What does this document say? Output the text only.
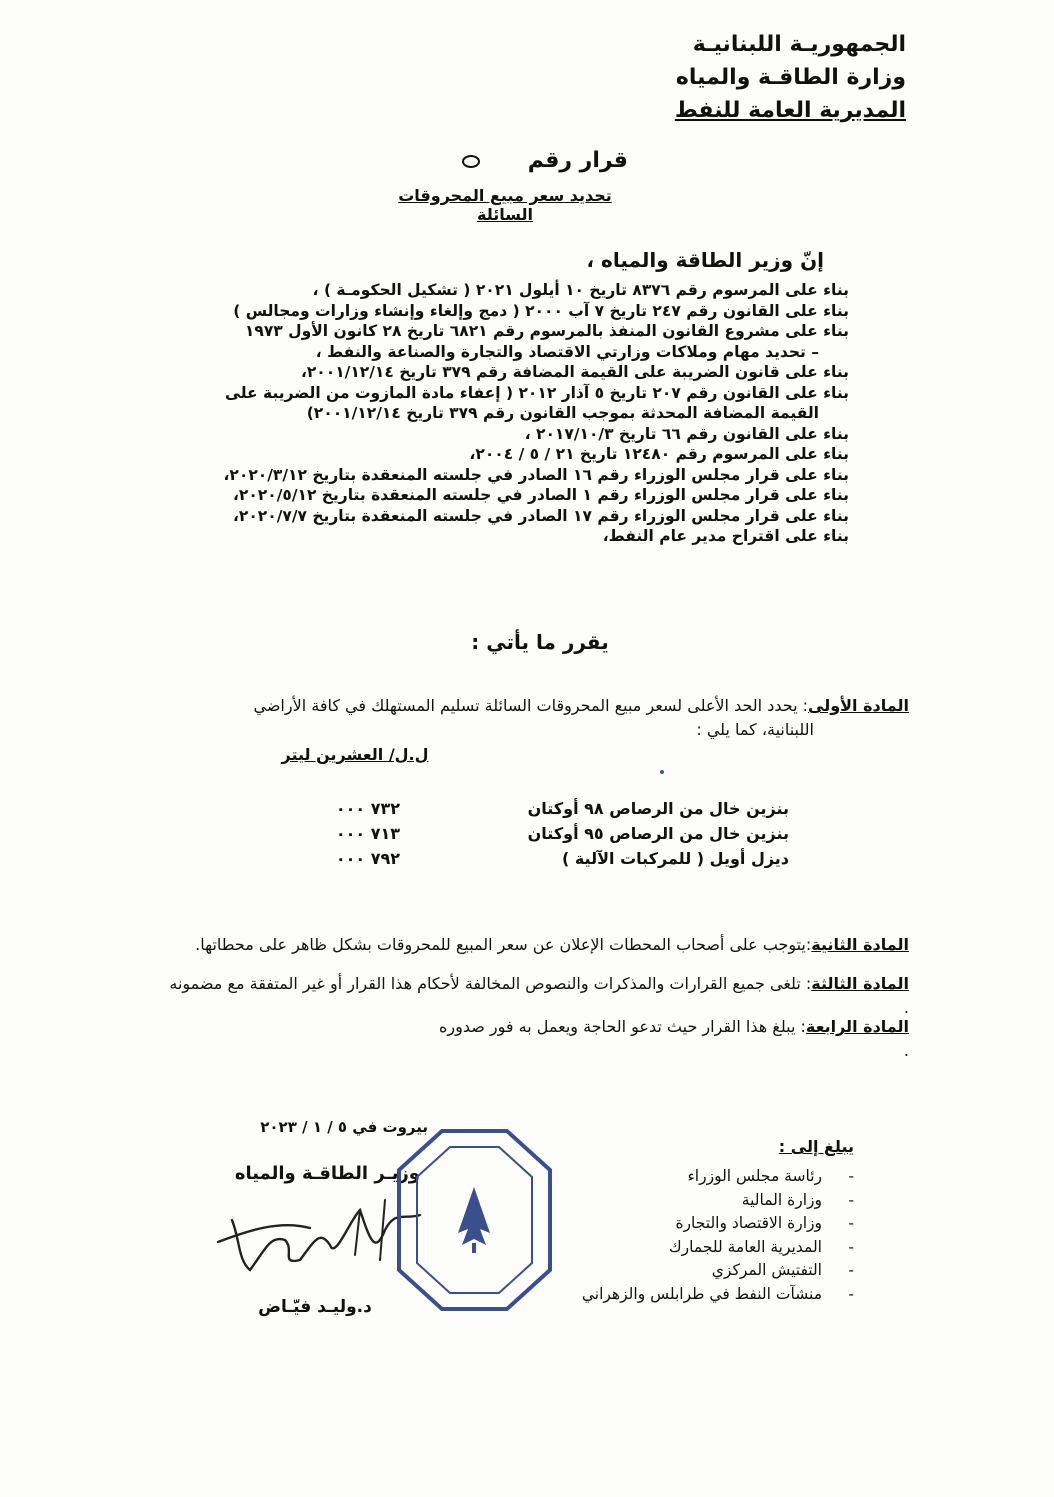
الجمهوريـة اللبنانيـة
وزارة الطاقـة والمياه
المديرية العامة للنفط
قرار رقم
تحديد سعر مبيع المحروقات السائلة
إنّ وزير الطاقة والمياه ،

بناء على المرسوم رقم ٨٣٧٦ تاريخ ١٠ أيلول ٢٠٢١ ( تشكيل الحكومـة ) ،

بناء على القانون رقم ٢٤٧ تاريخ ٧ آب ٢٠٠٠ ( دمج وإلغاء وإنشاء وزارات ومجالس )

بناء على مشروع القانون المنفذ بالمرسوم رقم ٦٨٢١ تاريخ ٢٨ كانون الأول ١٩٧٣

– تحديد مهام وملاكات وزارتي الاقتصاد والتجارة والصناعة والنفط ،

بناء على قانون الضريبة على القيمة المضافة رقم ٣٧٩ تاريخ ٢٠٠١/١٢/١٤،

بناء على القانون رقم ٢٠٧ تاريخ ٥ آذار ٢٠١٢ ( إعفاء مادة المازوت من الضريبة على

القيمة المضافة المحدثة بموجب القانون رقم ٣٧٩ تاريخ ٢٠٠١/١٢/١٤)

بناء على القانون رقم ٦٦ تاريخ ٢٠١٧/١٠/٣ ،

بناء على المرسوم رقم ١٢٤٨٠ تاريخ ٢١ / ٥ / ٢٠٠٤،

بناء على قرار مجلس الوزراء رقم ١٦ الصادر في جلسته المنعقدة بتاريخ ٢٠٢٠/٣/١٢،

بناء على قرار مجلس الوزراء رقم ١ الصادر في جلسته المنعقدة بتاريخ ٢٠٢٠/٥/١٢،

بناء على قرار مجلس الوزراء رقم ١٧ الصادر في جلسته المنعقدة بتاريخ ٢٠٢٠/٧/٧،

بناء على اقتراح مدير عام النفط،

يقرر ما يأتي :
المادة الأولى: يحدد الحد الأعلى لسعر مبيع المحروقات السائلة تسليم المستهلك في كافة الأراضي
اللبنانية، كما يلي :
ل.ل/ العشرين ليتر
بنزين خال من الرصاص ٩٨ أوكتان
٧٣٢ ٠٠٠
بنزين خال من الرصاص ٩٥ أوكتان
٧١٣ ٠٠٠
ديزل أويل ( للمركبات الآلية )
٧٩٢ ٠٠٠
المادة الثانية:يتوجب على أصحاب المحطات الإعلان عن سعر المبيع للمحروقات بشكل ظاهر على محطاتها.
المادة الثالثة: تلغى جميع القرارات والمذكرات والنصوص المخالفة لأحكام هذا القرار أو غير المتفقة مع مضمونه .
المادة الرابعة: يبلغ هذا القرار حيث تدعو الحاجة ويعمل به فور صدوره .
بيروت في ٥ / ١ / ٢٠٢٣
وزيـر الطاقـة والمياه
د.وليـد فيّـاض
يبلغ إلى :
- رئاسة مجلس الوزراء
- وزارة المالية
- وزارة الاقتصاد والتجارة
- المديرية العامة للجمارك
- التفتيش المركزي
- منشآت النفط في طرابلس والزهراني
